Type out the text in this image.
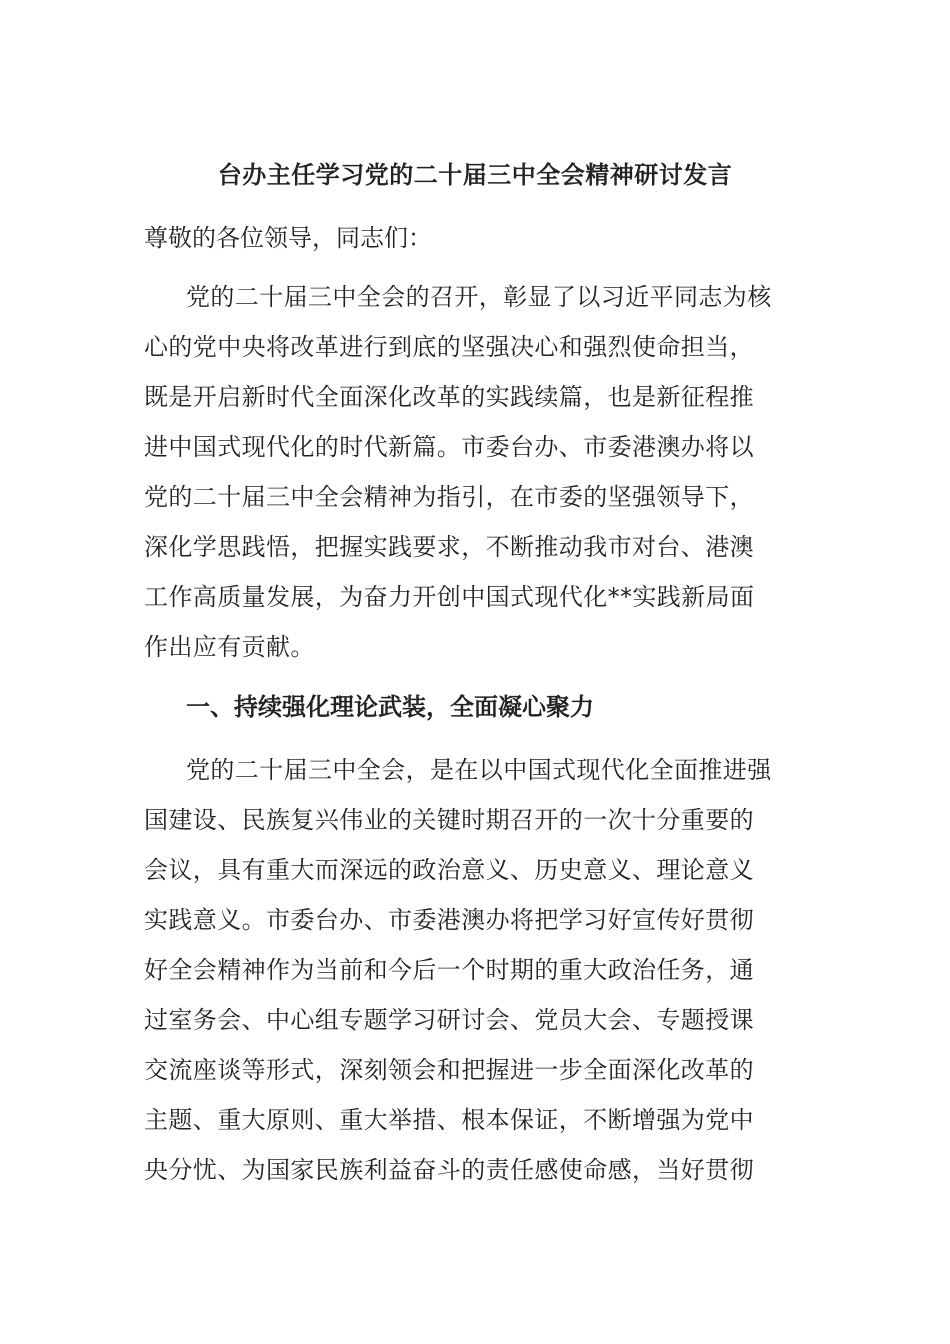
台办主任学习党的二十届三中全会精神研讨发言

尊敬的各位领导，同志们：

党的二十届三中全会的召开，彰显了以习近平同志为核
心的党中央将改革进行到底的坚强决心和强烈使命担当，
既是开启新时代全面深化改革的实践续篇，也是新征程推
进中国式现代化的时代新篇。市委台办、市委港澳办将以
党的二十届三中全会精神为指引，在市委的坚强领导下，
深化学思践悟，把握实践要求，不断推动我市对台、港澳
工作高质量发展，为奋力开创中国式现代化**实践新局面
作出应有贡献。
一、持续强化理论武装，全面凝心聚力
党的二十届三中全会，是在以中国式现代化全面推进强
国建设、民族复兴伟业的关键时期召开的一次十分重要的
会议，具有重大而深远的政治意义、历史意义、理论意义
实践意义。市委台办、市委港澳办将把学习好宣传好贯彻
好全会精神作为当前和今后一个时期的重大政治任务，通
过室务会、中心组专题学习研讨会、党员大会、专题授课
交流座谈等形式，深刻领会和把握进一步全面深化改革的
主题、重大原则、重大举措、根本保证，不断增强为党中
央分忧、为国家民族利益奋斗的责任感使命感，当好贯彻
